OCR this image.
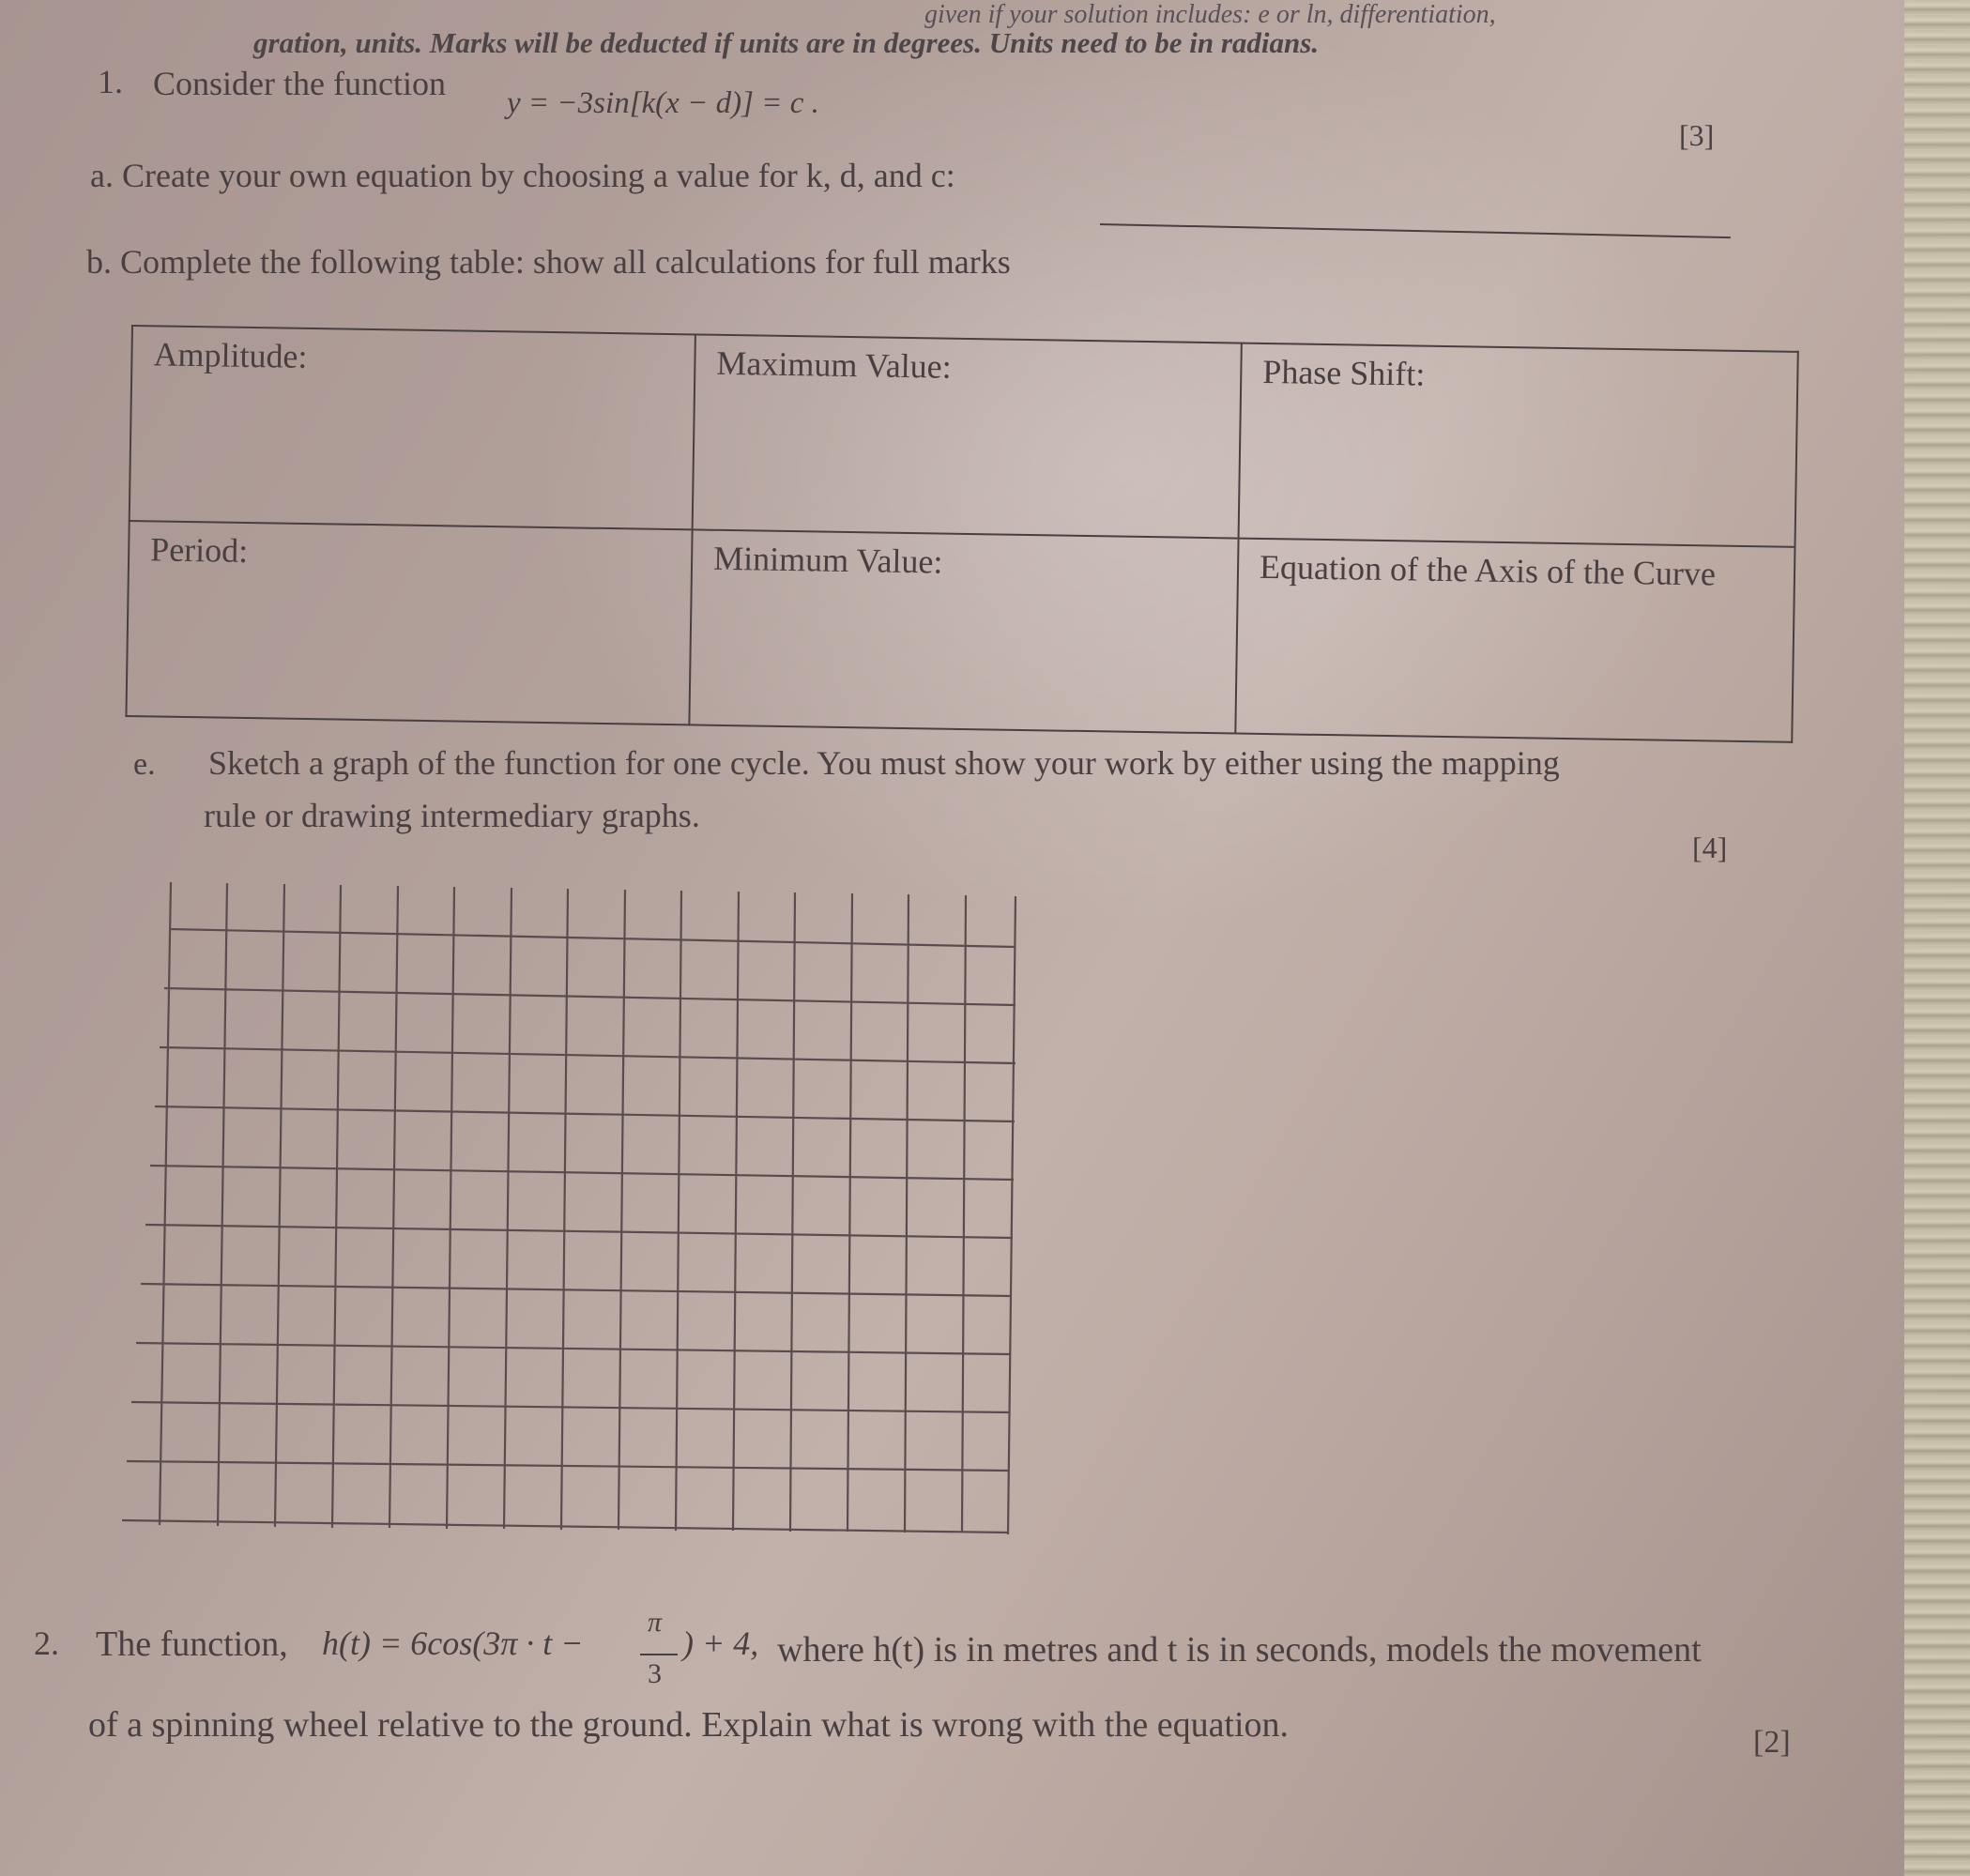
given if your solution includes: e or ln, differentiation,
gration, units. Marks will be deducted if units are in degrees. Units need to be in radians.
1. Consider the function
y = −3sin[k(x − d)] = c .
[3]
a. Create your own equation by choosing a value for k, d, and c:
b. Complete the following table: show all calculations for full marks
Amplitude:	Maximum Value:	Phase Shift:
Period:	Minimum Value:	Equation of the Axis of the Curve
e. Sketch a graph of the function for one cycle. You must show your work by either using the mapping
rule or drawing intermediary graphs.
[4]
2. The function, h(t) = 6cos(3π · t −
π
3
) + 4, where h(t) is in metres and t is in seconds, models the movement
of a spinning wheel relative to the ground. Explain what is wrong with the equation.	[2]
